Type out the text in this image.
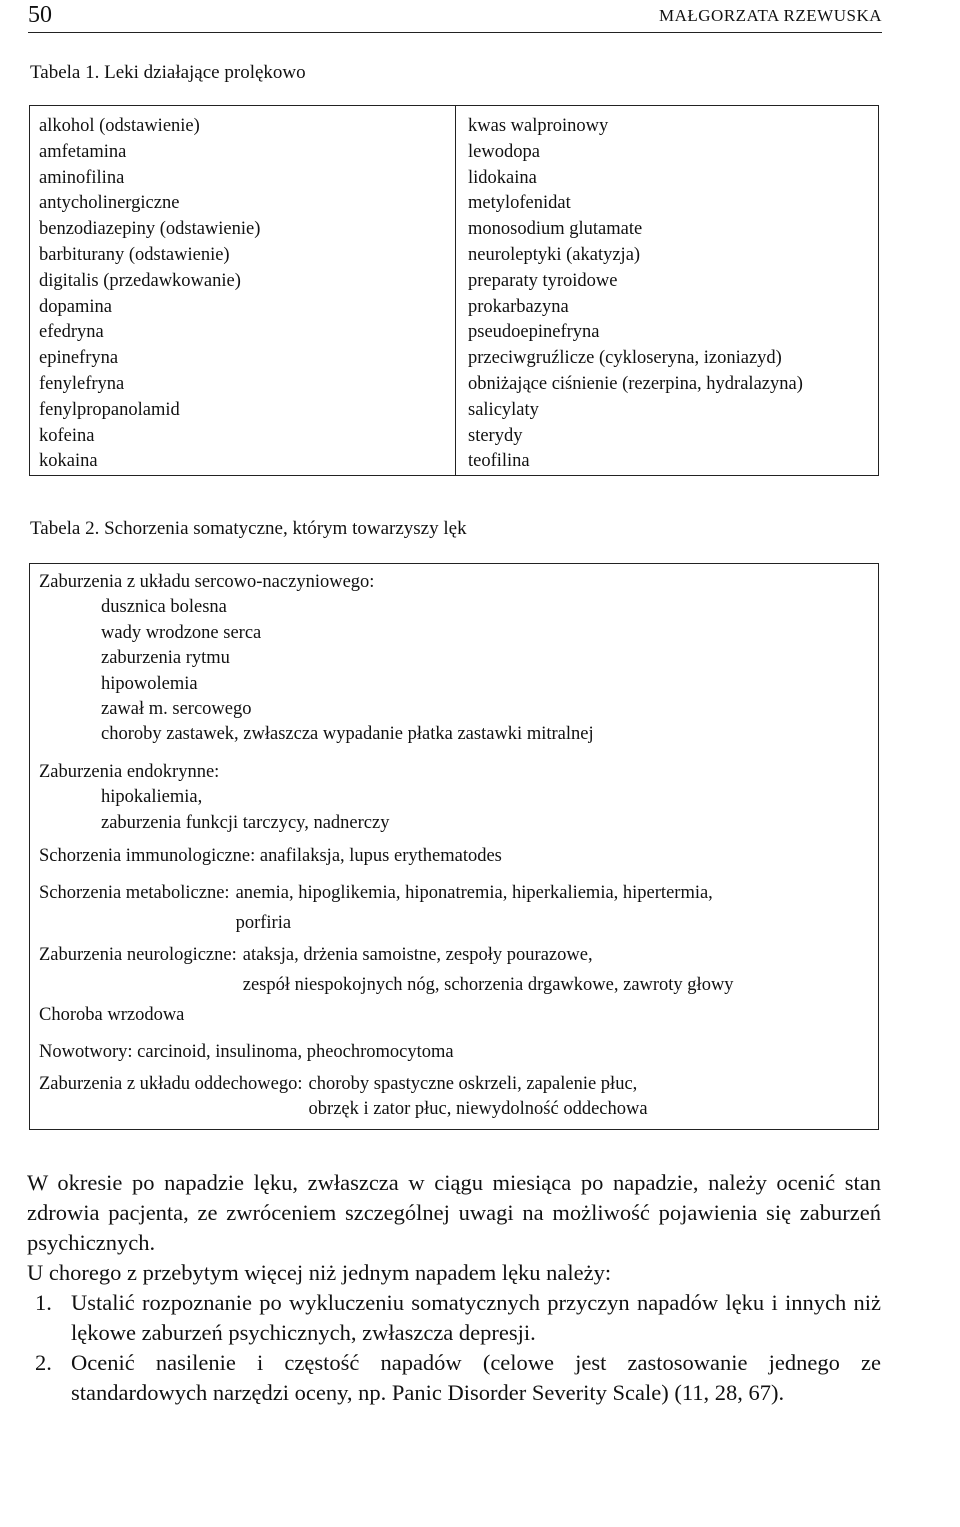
50	MAŁGORZATA RZEWUSKA
Tabela 1. Leki działające prolękowo
alkohol (odstawienie)
amfetamina
aminofilina
antycholinergiczne
benzodiazepiny (odstawienie)
barbiturany (odstawienie)
digitalis (przedawkowanie)
dopamina
efedryna
epinefryna
fenylefryna
fenylpropanolamid
kofeina
kokaina
kwas walproinowy
lewodopa
lidokaina
metylofenidat
monosodium glutamate
neuroleptyki (akatyzja)
preparaty tyroidowe
prokarbazyna
pseudoepinefryna
przeciwgruźlicze (cykloseryna, izoniazyd)
obniżające ciśnienie (rezerpina, hydralazyna)
salicylaty
sterydy
teofilina
Tabela 2. Schorzenia somatyczne, którym towarzyszy lęk
Zaburzenia z układu sercowo-naczyniowego:
dusznica bolesna
wady wrodzone serca
zaburzenia rytmu
hipowolemia
zawał m. sercowego
choroby zastawek, zwłaszcza wypadanie płatka zastawki mitralnej
Zaburzenia endokrynne:
hipokaliemia,
zaburzenia funkcji tarczycy, nadnerczy
Schorzenia immunologiczne: anafilaksja, lupus erythematodes
Schorzenia metaboliczne: anemia, hipoglikemia, hiponatremia, hiperkaliemia, hipertermia,
porfiria
Zaburzenia neurologiczne: ataksja, drżenia samoistne, zespoły pourazowe,
zespół niespokojnych nóg, schorzenia drgawkowe, zawroty głowy
Choroba wrzodowa
Nowotwory: carcinoid, insulinoma, pheochromocytoma
Zaburzenia z układu oddechowego: choroby spastyczne oskrzeli, zapalenie płuc,
obrzęk i zator płuc, niewydolność oddechowa

W okresie po napadzie lęku, zwłaszcza w ciągu miesiąca po napadzie, należy ocenić stan zdrowia pacjenta, ze zwróceniem szczególnej uwagi na możliwość pojawienia się zaburzeń psychicznych.

U chorego z przebytym więcej niż jednym napadem lęku należy:

1. Ustalić rozpoznanie po wykluczeniu somatycznych przyczyn napadów lęku i innych niż lękowe zaburzeń psychicznych, zwłaszcza depresji.
2. Ocenić nasilenie i częstość napadów (celowe jest zastosowanie jednego ze standardowych narzędzi oceny, np. Panic Disorder Severity Scale) (11, 28, 67).
